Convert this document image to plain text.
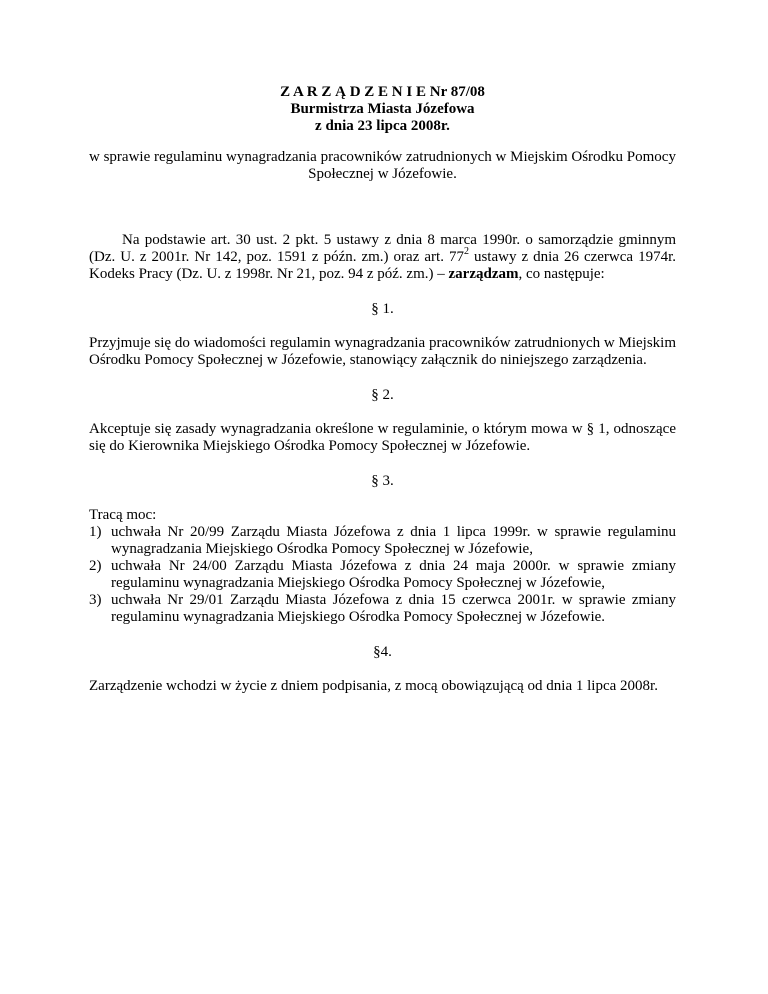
Z A R Z Ą D Z E N I E Nr 87/08
Burmistrza Miasta Józefowa
z dnia 23 lipca 2008r.
w sprawie regulaminu wynagradzania pracowników zatrudnionych w Miejskim Ośrodku Pomocy Społecznej w Józefowie.

Na podstawie art. 30 ust. 2 pkt. 5 ustawy z dnia 8 marca 1990r. o samorządzie gminnym (Dz. U. z 2001r. Nr 142, poz. 1591 z późn. zm.) oraz art. $77^2$ ustawy z dnia 26 czerwca 1974r. Kodeks Pracy (Dz. U. z 1998r. Nr 21, poz. 94 z póź. zm.) – zarządzam, co następuje:

§ 1.

Przyjmuje się do wiadomości regulamin wynagradzania pracowników zatrudnionych w Miejskim Ośrodku Pomocy Społecznej w Józefowie, stanowiący załącznik do niniejszego zarządzenia.

§ 2.

Akceptuje się zasady wynagradzania określone w regulaminie, o którym mowa w § 1, odnoszące się do Kierownika Miejskiego Ośrodka Pomocy Społecznej w Józefowie.

§ 3.

Tracą moc:

1) uchwała Nr 20/99 Zarządu Miasta Józefowa z dnia 1 lipca 1999r. w sprawie regulaminu wynagradzania Miejskiego Ośrodka Pomocy Społecznej w Józefowie,
2) uchwała Nr 24/00 Zarządu Miasta Józefowa z dnia 24 maja 2000r. w sprawie zmiany regulaminu wynagradzania Miejskiego Ośrodka Pomocy Społecznej w Józefowie,
3) uchwała Nr 29/01 Zarządu Miasta Józefowa z dnia 15 czerwca 2001r. w sprawie zmiany regulaminu wynagradzania Miejskiego Ośrodka Pomocy Społecznej w Józefowie.
§4.

Zarządzenie wchodzi w życie z dniem podpisania, z mocą obowiązującą od dnia 1 lipca 2008r.
